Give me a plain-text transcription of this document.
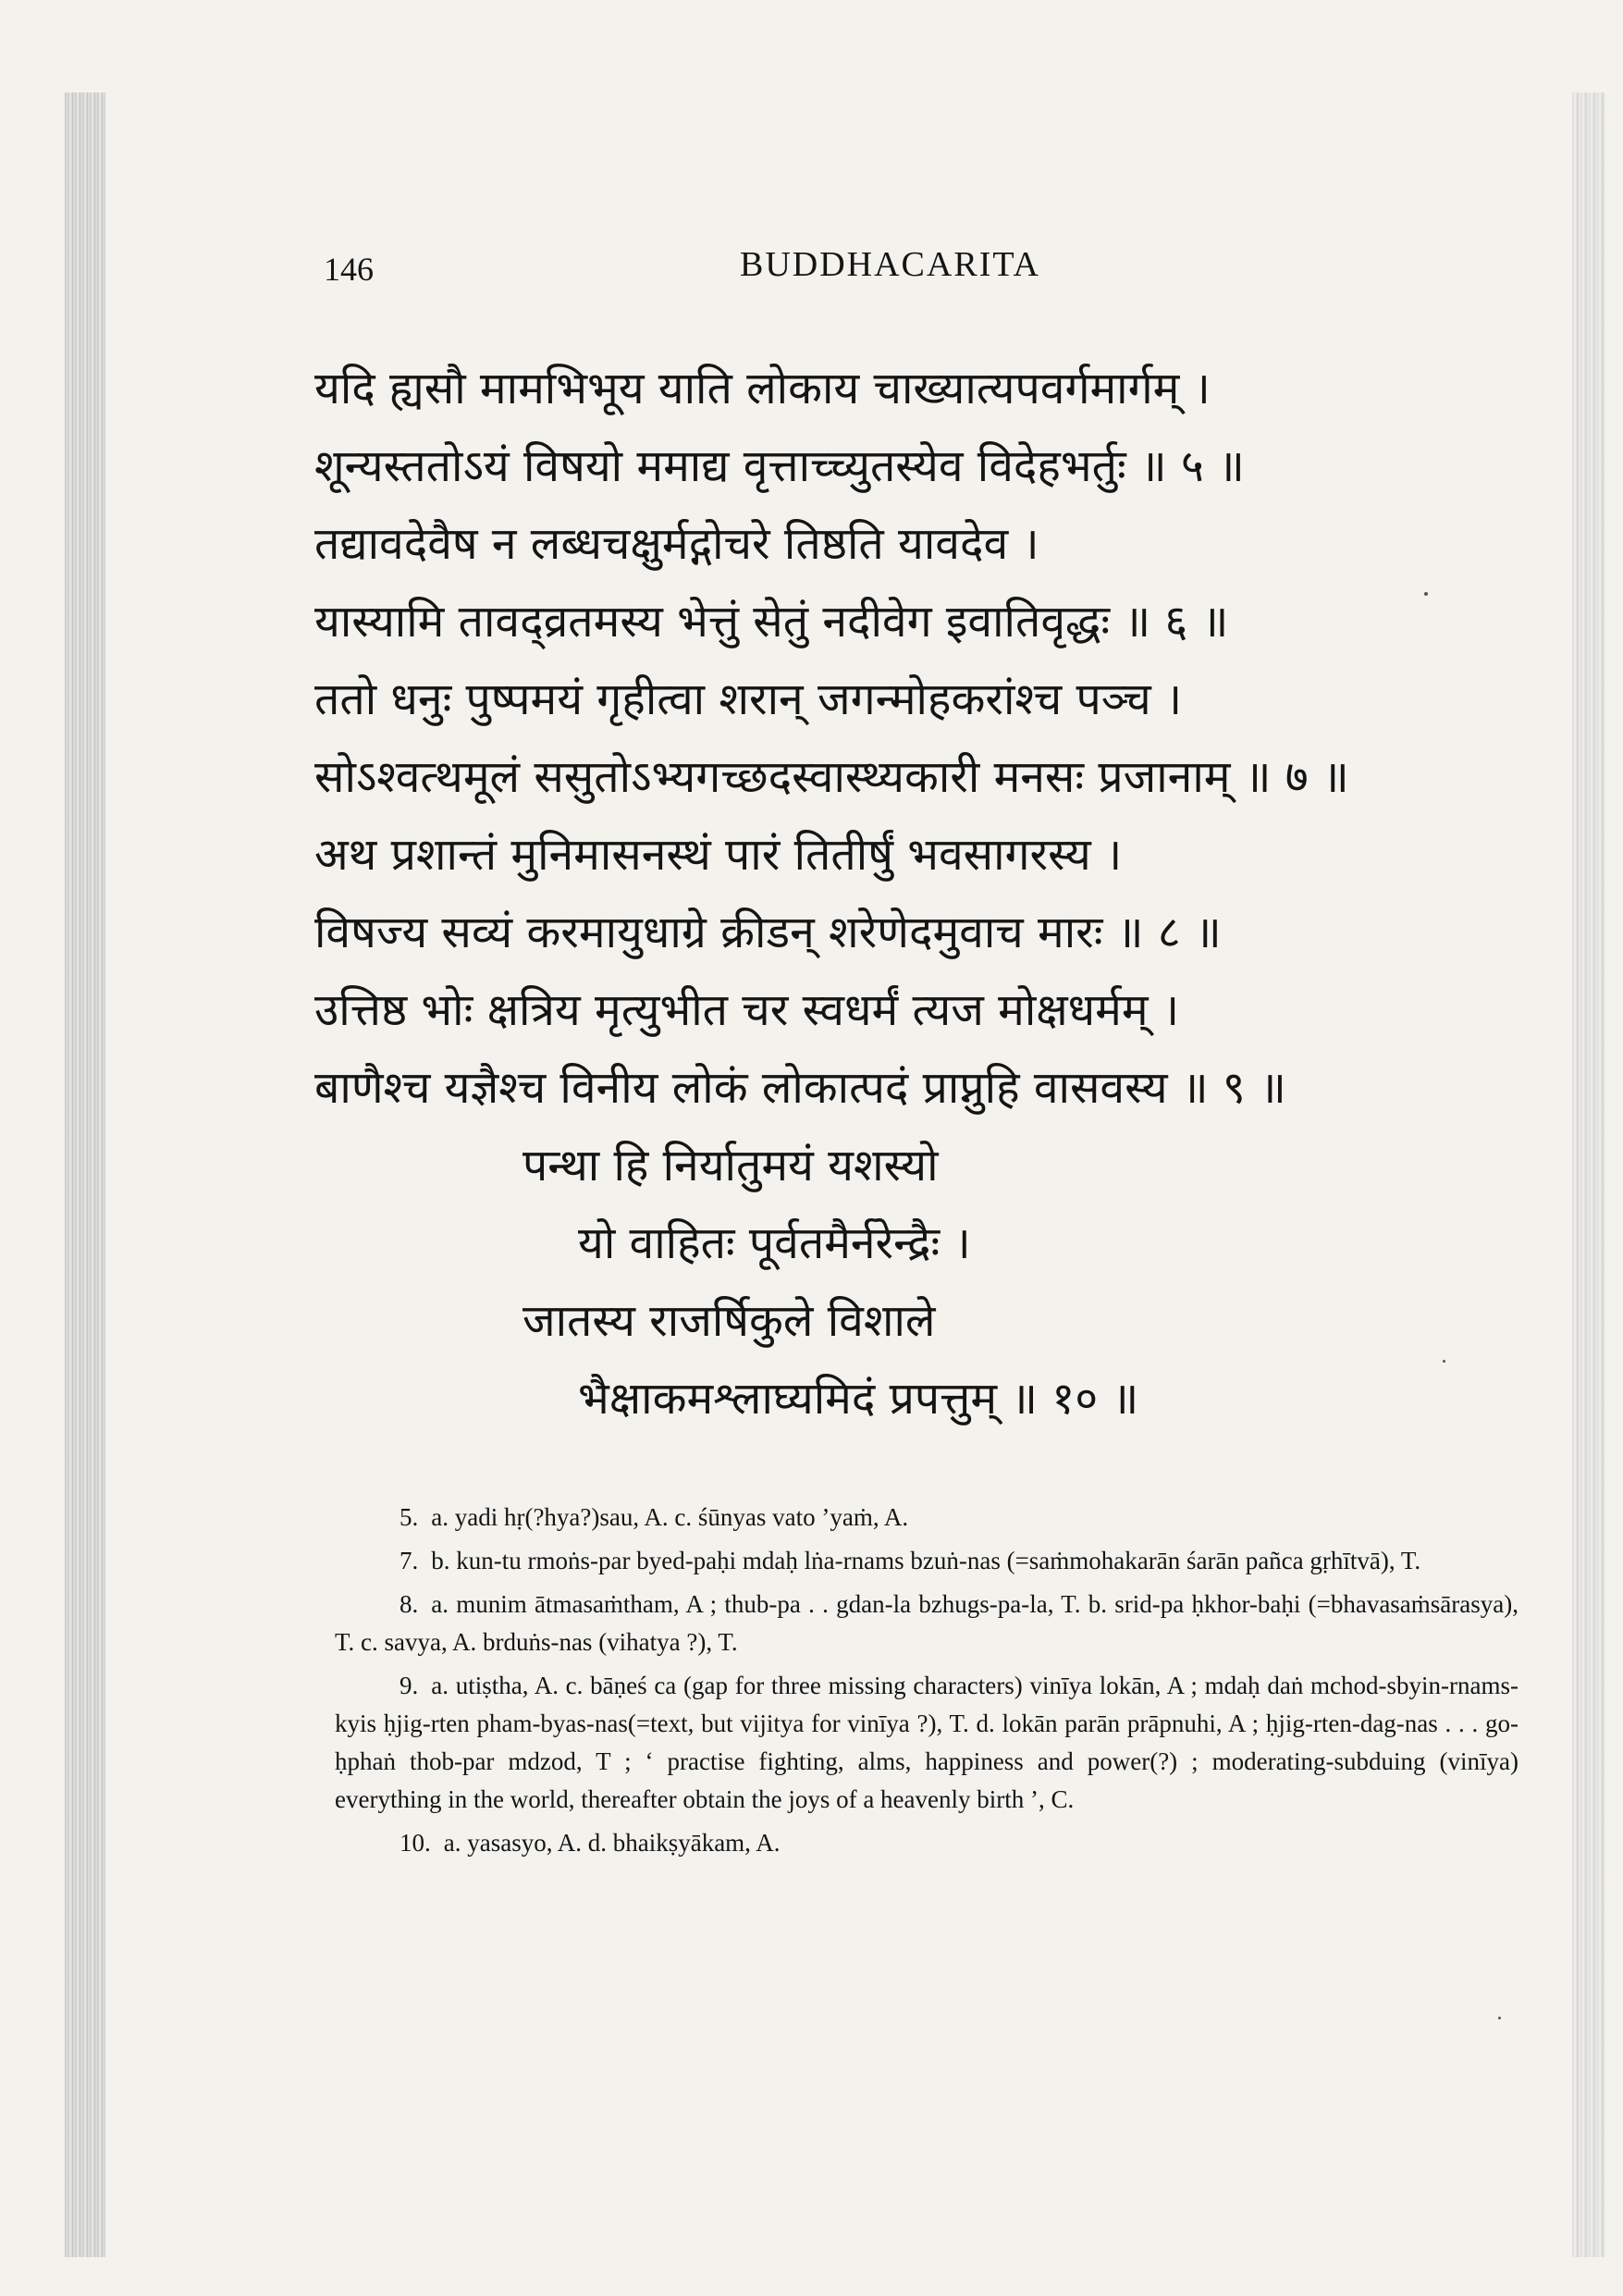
146	BUDDHACARITA
यदि ह्यसौ मामभिभूय याति लोकाय चाख्यात्यपवर्गमार्गम् ।
शून्यस्ततोऽयं विषयो ममाद्य वृत्ताच्च्युतस्येव विदेहभर्तुः ॥ ५ ॥
तद्यावदेवैष न लब्धचक्षुर्मद्गोचरे तिष्ठति यावदेव ।
यास्यामि तावद्व्रतमस्य भेत्तुं सेतुं नदीवेग इवातिवृद्धः ॥ ६ ॥
ततो धनुः पुष्पमयं गृहीत्वा शरान् जगन्मोहकरांश्च पञ्च ।
सोऽश्वत्थमूलं ससुतोऽभ्यगच्छदस्वास्थ्यकारी मनसः प्रजानाम् ॥ ७ ॥
अथ प्रशान्तं मुनिमासनस्थं पारं तितीर्षुं भवसागरस्य ।
विषज्य सव्यं करमायुधाग्रे क्रीडन् शरेणेदमुवाच मारः ॥ ८ ॥
उत्तिष्ठ भोः क्षत्रिय मृत्युभीत चर स्वधर्मं त्यज मोक्षधर्मम् ।
बाणैश्च यज्ञैश्च विनीय लोकं लोकात्पदं प्राप्नुहि वासवस्य ॥ ९ ॥
पन्था हि निर्यातुमयं यशस्यो
यो वाहितः पूर्वतमैर्नरेन्द्रैः ।
जातस्य राजर्षिकुले विशाले
भैक्षाकमश्लाघ्यमिदं प्रपत्तुम् ॥ १० ॥

5. a. yadi hṛ(?hya?)sau, A. c. śūnyas vato ’yaṁ, A.

7. b. kun-tu rmoṅs-par byed-paḥi mdaḥ lṅa-rnams bzuṅ-nas (=saṁmohakarān śarān pañca gṛhītvā), T.

8. a. munim ātmasaṁtham, A ; thub-pa . . gdan-la bzhugs-pa-la, T. b. srid-pa ḥkhor-baḥi (=bhavasaṁsārasya), T. c. savya, A. brduṅs-nas (vihatya ?), T.

9. a. utiṣtha, A. c. bāṇeś ca (gap for three missing characters) vinīya lokān, A ; mdaḥ daṅ mchod-sbyin-rnams-kyis ḥjig-rten pham-byas-nas(=text, but vijitya for vinīya ?), T. d. lokān parān prāpnuhi, A ; ḥjig-rten-dag-nas . . . go-ḥphaṅ thob-par mdzod, T ; ‘ practise fighting, alms, happiness and power(?) ; moderating-subduing (vinīya) everything in the world, thereafter obtain the joys of a heavenly birth ’, C.

10. a. yasasyo, A. d. bhaikṣyākam, A.
